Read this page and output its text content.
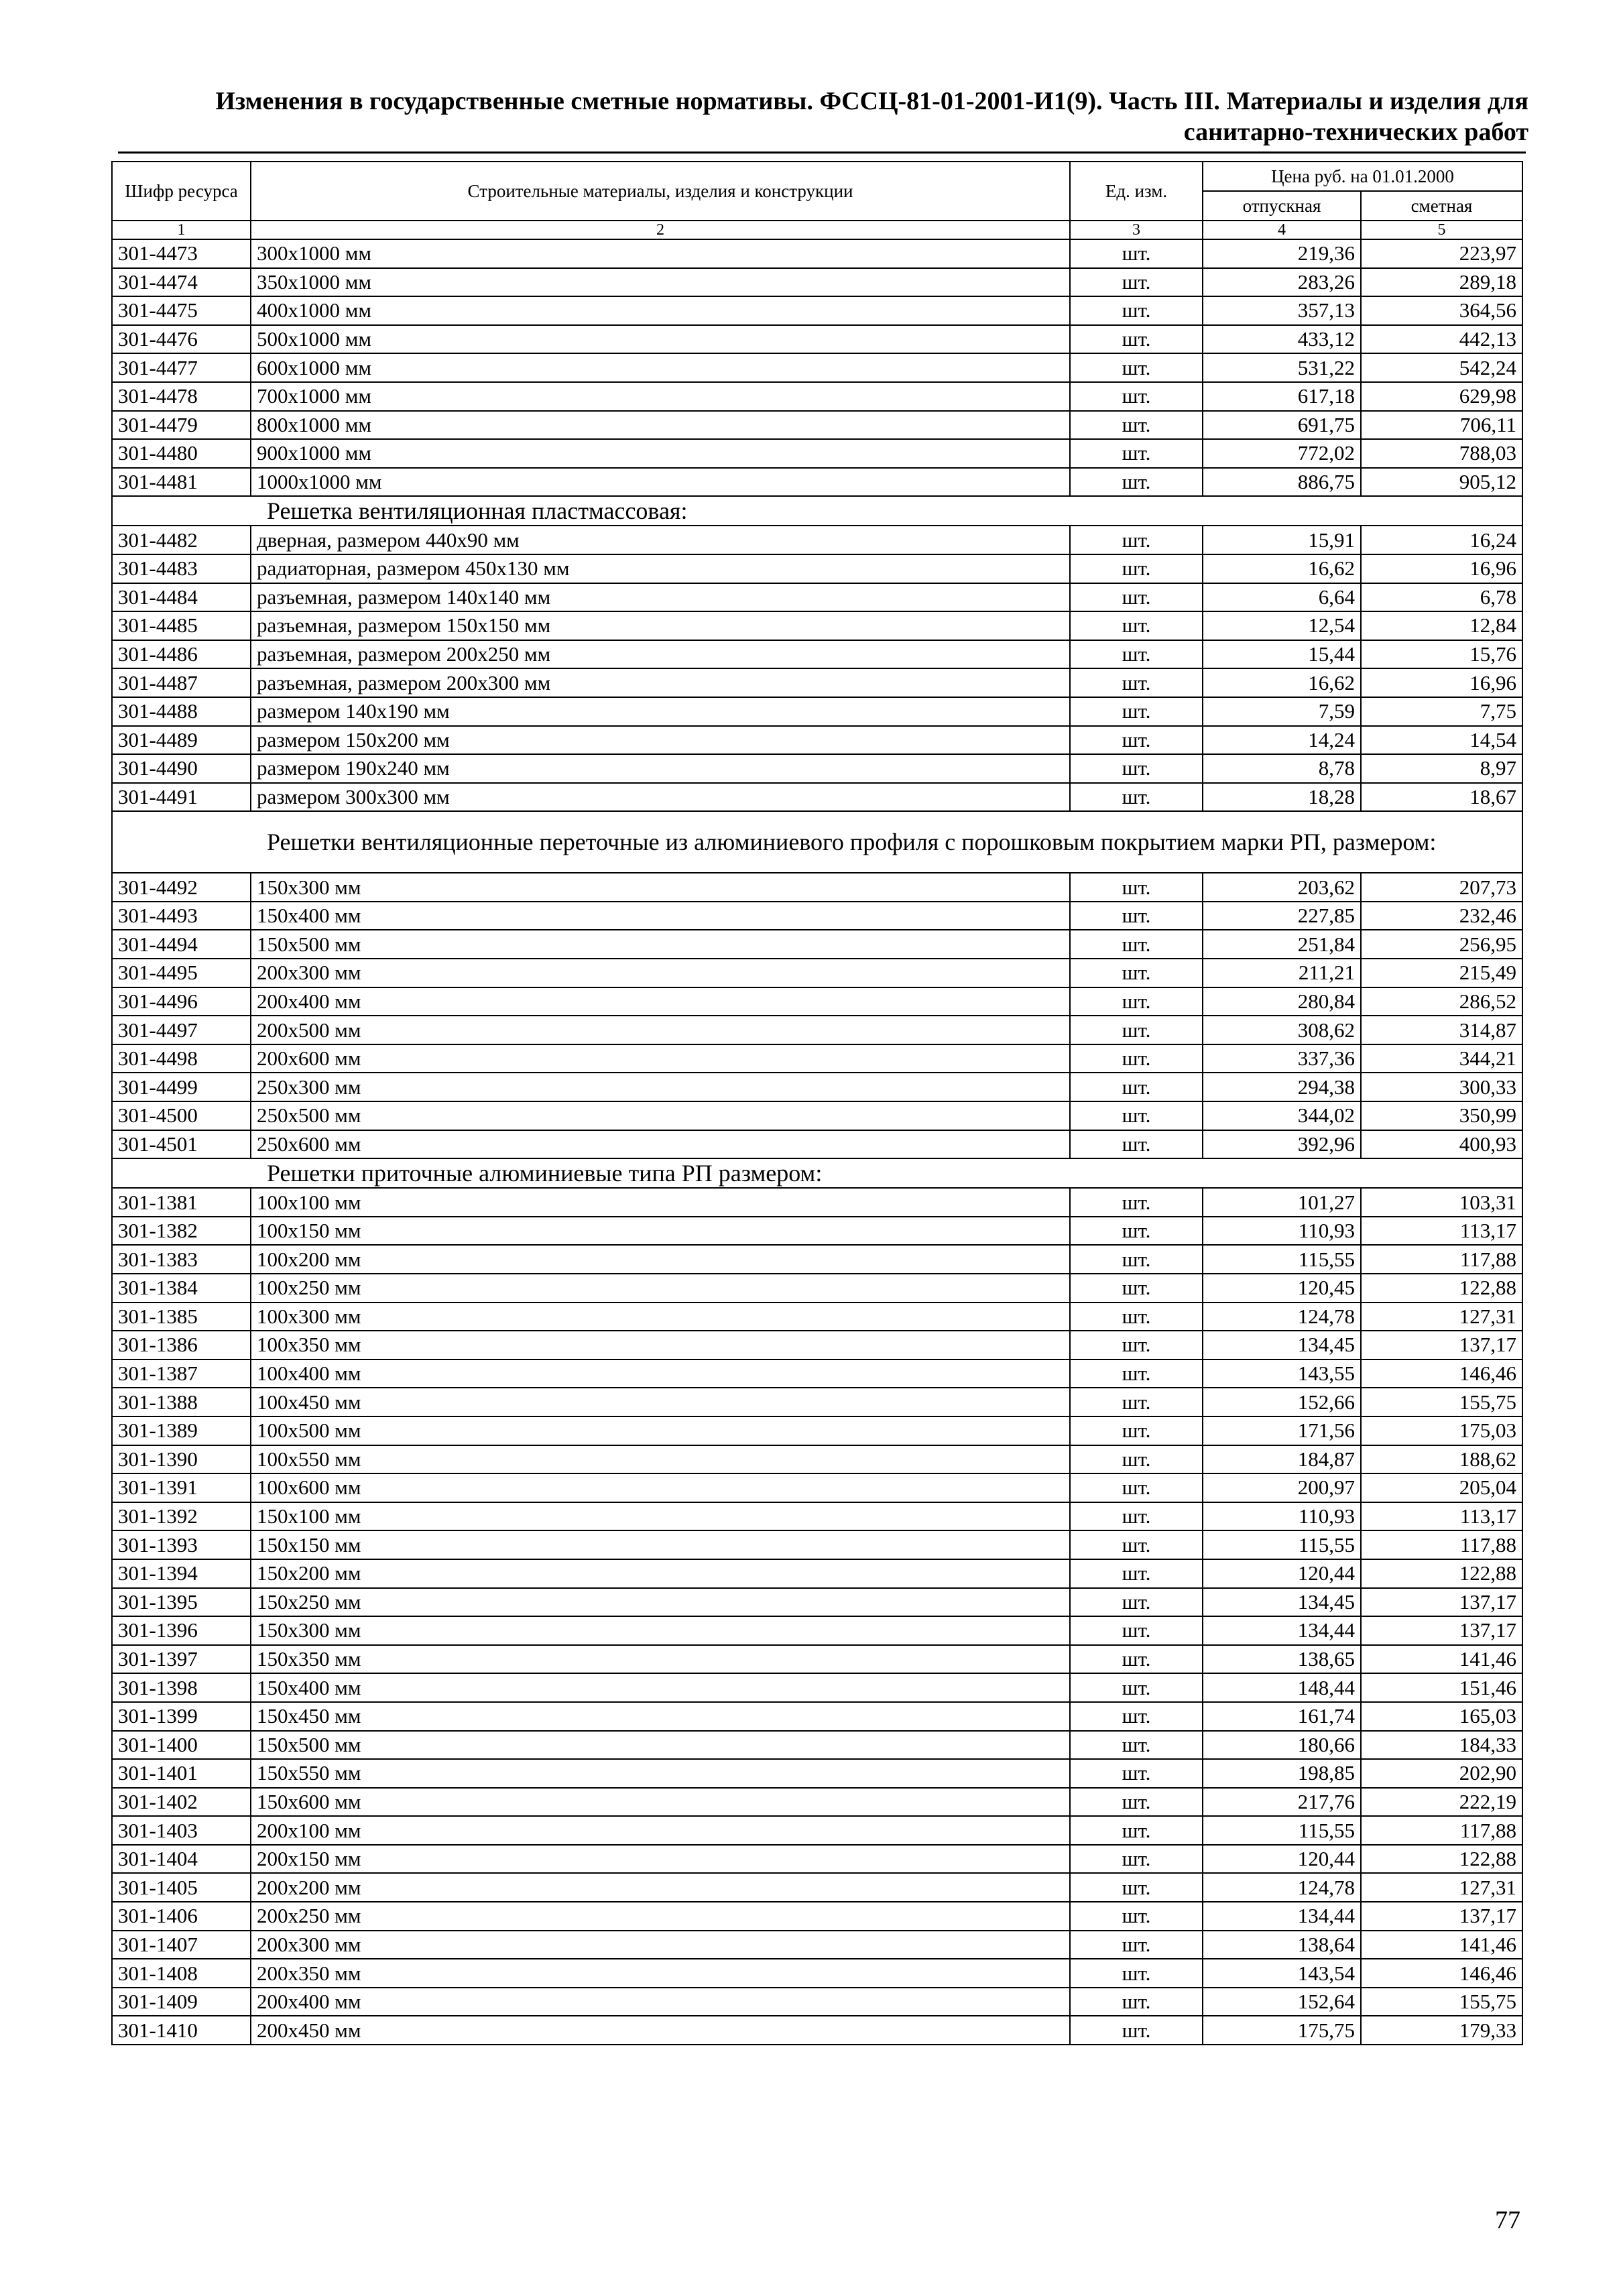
Изменения в государственные сметные нормативы. ФССЦ-81-01-2001-И1(9). Часть III. Материалы и изделия для
санитарно-технических работ
Шифр ресурса	Строительные материалы, изделия и конструкции	Ед. изм.	Цена руб. на 01.01.2000	
			отпускная	сметная
1	2	3	4	5
301-4473	300x1000 мм	шт.	219,36	223,97
301-4474	350x1000 мм	шт.	283,26	289,18
301-4475	400x1000 мм	шт.	357,13	364,56
301-4476	500x1000 мм	шт.	433,12	442,13
301-4477	600x1000 мм	шт.	531,22	542,24
301-4478	700x1000 мм	шт.	617,18	629,98
301-4479	800x1000 мм	шт.	691,75	706,11
301-4480	900x1000 мм	шт.	772,02	788,03
301-4481	1000x1000 мм	шт.	886,75	905,12
Решетка вентиляционная пластмассовая:				
301-4482	дверная, размером 440x90 мм	шт.	15,91	16,24
301-4483	радиаторная, размером 450x130 мм	шт.	16,62	16,96
301-4484	разъемная, размером 140x140 мм	шт.	6,64	6,78
301-4485	разъемная, размером 150x150 мм	шт.	12,54	12,84
301-4486	разъемная, размером 200x250 мм	шт.	15,44	15,76
301-4487	разъемная, размером 200x300 мм	шт.	16,62	16,96
301-4488	размером 140x190 мм	шт.	7,59	7,75
301-4489	размером 150x200 мм	шт.	14,24	14,54
301-4490	размером 190x240 мм	шт.	8,78	8,97
301-4491	размером 300x300 мм	шт.	18,28	18,67
Решетки вентиляционные переточные из алюминиевого профиля с порошковым покрытием марки РП, размером:				
301-4492	150x300 мм	шт.	203,62	207,73
301-4493	150x400 мм	шт.	227,85	232,46
301-4494	150x500 мм	шт.	251,84	256,95
301-4495	200x300 мм	шт.	211,21	215,49
301-4496	200x400 мм	шт.	280,84	286,52
301-4497	200x500 мм	шт.	308,62	314,87
301-4498	200x600 мм	шт.	337,36	344,21
301-4499	250x300 мм	шт.	294,38	300,33
301-4500	250x500 мм	шт.	344,02	350,99
301-4501	250x600 мм	шт.	392,96	400,93
Решетки приточные алюминиевые типа РП размером:				
301-1381	100x100 мм	шт.	101,27	103,31
301-1382	100x150 мм	шт.	110,93	113,17
301-1383	100x200 мм	шт.	115,55	117,88
301-1384	100x250 мм	шт.	120,45	122,88
301-1385	100x300 мм	шт.	124,78	127,31
301-1386	100x350 мм	шт.	134,45	137,17
301-1387	100x400 мм	шт.	143,55	146,46
301-1388	100x450 мм	шт.	152,66	155,75
301-1389	100x500 мм	шт.	171,56	175,03
301-1390	100x550 мм	шт.	184,87	188,62
301-1391	100x600 мм	шт.	200,97	205,04
301-1392	150x100 мм	шт.	110,93	113,17
301-1393	150x150 мм	шт.	115,55	117,88
301-1394	150x200 мм	шт.	120,44	122,88
301-1395	150x250 мм	шт.	134,45	137,17
301-1396	150x300 мм	шт.	134,44	137,17
301-1397	150x350 мм	шт.	138,65	141,46
301-1398	150x400 мм	шт.	148,44	151,46
301-1399	150x450 мм	шт.	161,74	165,03
301-1400	150x500 мм	шт.	180,66	184,33
301-1401	150x550 мм	шт.	198,85	202,90
301-1402	150x600 мм	шт.	217,76	222,19
301-1403	200x100 мм	шт.	115,55	117,88
301-1404	200x150 мм	шт.	120,44	122,88
301-1405	200x200 мм	шт.	124,78	127,31
301-1406	200x250 мм	шт.	134,44	137,17
301-1407	200x300 мм	шт.	138,64	141,46
301-1408	200x350 мм	шт.	143,54	146,46
301-1409	200x400 мм	шт.	152,64	155,75
301-1410	200x450 мм	шт.	175,75	179,33
77
